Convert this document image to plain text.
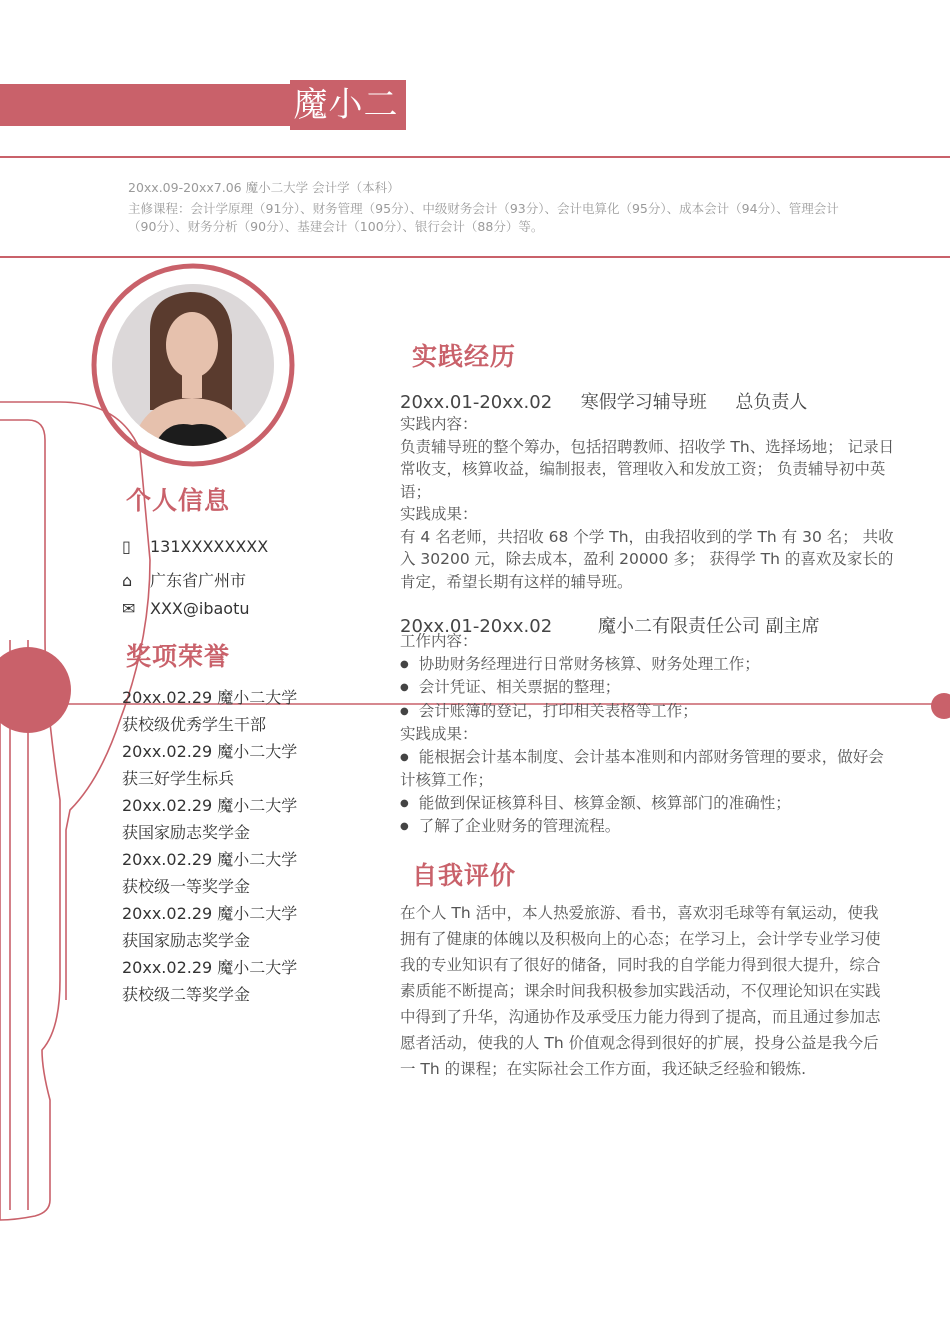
魔小二
20xx.09-20xx7.06 魔小二大学 会计学（本科）
主修课程：会计学原理（91分）、财务管理（95分）、中级财务会计（93分）、会计电算化（95分）、成本会计（94分）、管理会计
（90分）、财务分析（90分）、基建会计（100分）、银行会计（88分）等。
个人信息
▯ 131XXXXXXXX
⌂ 广东省广州市
✉ XXX@ibaotu
奖项荣誉
20xx.02.29 魔小二大学
获校级优秀学生干部
20xx.02.29 魔小二大学
获三好学生标兵
20xx.02.29 魔小二大学
获国家励志奖学金
20xx.02.29 魔小二大学
获校级一等奖学金
20xx.02.29 魔小二大学
获国家励志奖学金
20xx.02.29 魔小二大学
获校级二等奖学金
实践经历
20xx.01-20xx.02     寒假学习辅导班     总负责人
实践内容：
负责辅导班的整个筹办，包括招聘教师、招收学 Th、选择场地； 记录日常收支，核算收益，编制报表，管理收入和发放工资； 负责辅导初中英语；
实践成果：
有 4 名老师，共招收 68 个学 Th，由我招收到的学 Th 有 30 名； 共收入 30200 元，除去成本，盈利 20000 多； 获得学 Th 的喜欢及家长的肯定，希望长期有这样的辅导班。
20xx.01-20xx.02        魔小二有限责任公司 副主席
工作内容：
● 协助财务经理进行日常财务核算、财务处理工作；
● 会计凭证、相关票据的整理；
● 会计账簿的登记，打印相关表格等工作；
实践成果：
● 能根据会计基本制度、会计基本准则和内部财务管理的要求，做好会计核算工作；
● 能做到保证核算科目、核算金额、核算部门的准确性；
● 了解了企业财务的管理流程。
自我评价
在个人 Th 活中，本人热爱旅游、看书，喜欢羽毛球等有氧运动，使我拥有了健康的体魄以及积极向上的心态；在学习上，会计学专业学习使我的专业知识有了很好的储备，同时我的自学能力得到很大提升，综合素质能不断提高；课余时间我积极参加实践活动，不仅理论知识在实践中得到了升华，沟通协作及承受压力能力得到了提高，而且通过参加志愿者活动，使我的人 Th 价值观念得到很好的扩展，投身公益是我今后一 Th 的课程；在实际社会工作方面，我还缺乏经验和锻炼.
